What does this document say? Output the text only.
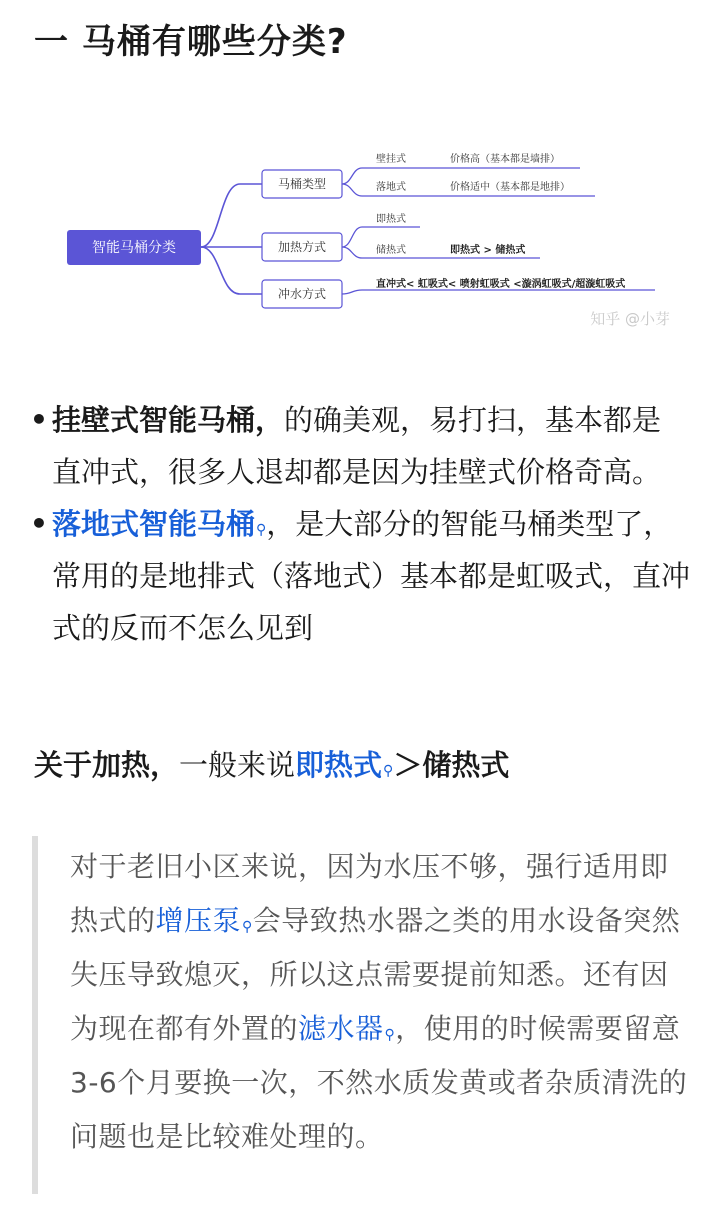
一 马桶有哪些分类?
智能马桶分类
马桶类型
加热方式
冲水方式
壁挂式	价格高（基本都是墙排）
落地式	价格适中（基本都是地排）
即热式
储热式	即热式 > 储热式
直冲式< 虹吸式< 喷射虹吸式 <漩涡虹吸式/超漩虹吸式
知乎 @小芽

• 挂壁式智能马桶，的确美观，易打扫，基本都是直冲式，很多人退却都是因为挂壁式价格奇高。

• 落地式智能马桶⚲，是大部分的智能马桶类型了，常用的是地排式（落地式）基本都是虹吸式，直冲式的反而不怎么见到

关于加热，一般来说即热式⚲＞储热式

对于老旧小区来说，因为水压不够，强行适用即热式的增压泵⚲会导致热水器之类的用水设备突然失压导致熄灭，所以这点需要提前知悉。还有因为现在都有外置的滤水器⚲，使用的时候需要留意3-6个月要换一次，不然水质发黄或者杂质清洗的问题也是比较难处理的。
